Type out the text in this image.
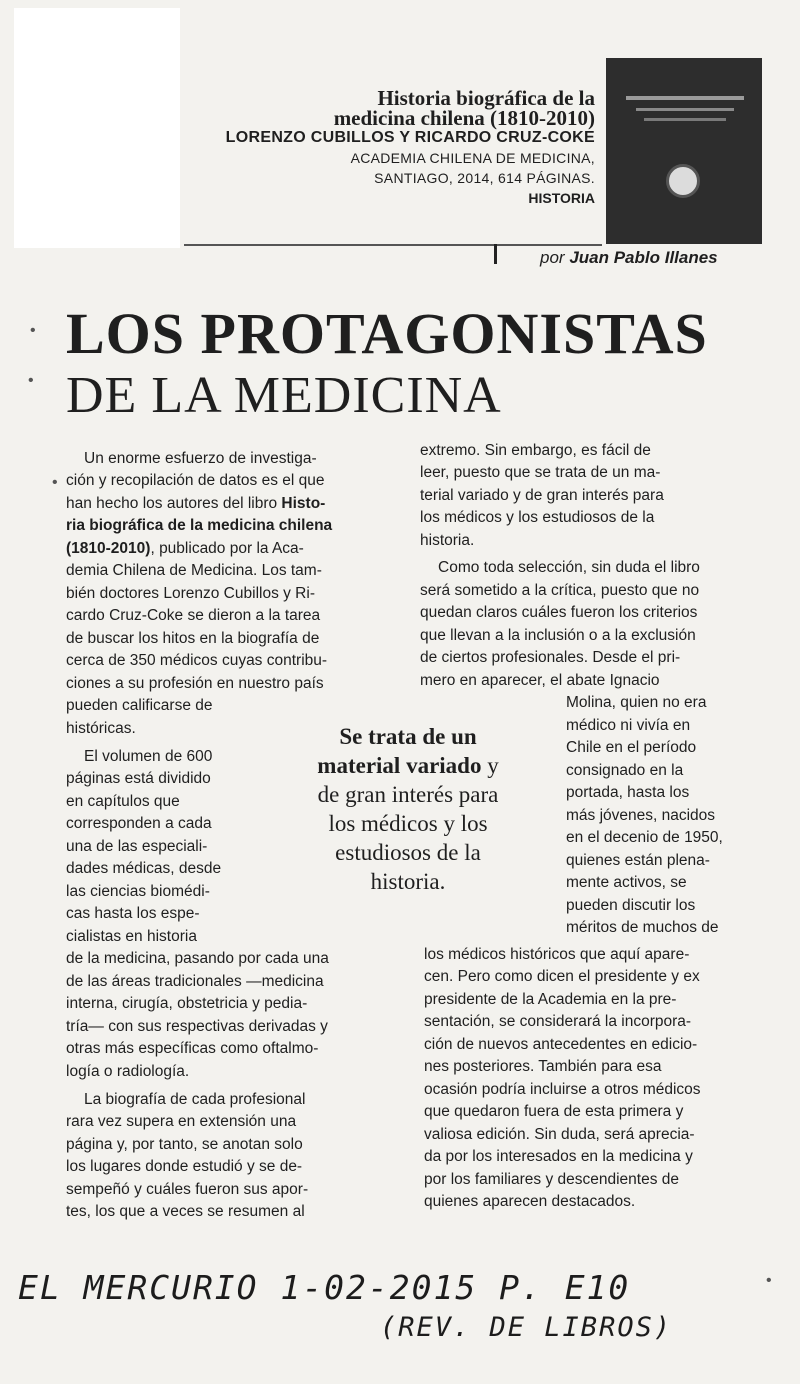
Historia biográfica de la
medicina chilena (1810-2010)
LORENZO CUBILLOS Y RICARDO CRUZ-COKE
ACADEMIA CHILENA DE MEDICINA,
SANTIAGO, 2014, 614 PÁGINAS.
HISTORIA
por Juan Pablo Illanes
LOS PROTAGONISTAS
DE LA MEDICINA

Un enorme esfuerzo de investiga-

ción y recopilación de datos es el que

han hecho los autores del libro Histo-

ria biográfica de la medicina chilena

(1810-2010), publicado por la Aca-

demia Chilena de Medicina. Los tam-

bién doctores Lorenzo Cubillos y Ri-

cardo Cruz-Coke se dieron a la tarea

de buscar los hitos en la biografía de

cerca de 350 médicos cuyas contribu-

ciones a su profesión en nuestro país

pueden calificarse de

históricas.

El volumen de 600

páginas está dividido

en capítulos que

corresponden a cada

una de las especiali-

dades médicas, desde

las ciencias biomédi-

cas hasta los espe-

cialistas en historia

de la medicina, pasando por cada una

de las áreas tradicionales —medicina

interna, cirugía, obstetricia y pedia-

tría— con sus respectivas derivadas y

otras más específicas como oftalmo-

logía o radiología.

La biografía de cada profesional

rara vez supera en extensión una

página y, por tanto, se anotan solo

los lugares donde estudió y se de-

sempeñó y cuáles fueron sus apor-

tes, los que a veces se resumen al

extremo. Sin embargo, es fácil de

leer, puesto que se trata de un ma-

terial variado y de gran interés para

los médicos y los estudiosos de la

historia.

Como toda selección, sin duda el libro

será sometido a la crítica, puesto que no

quedan claros cuáles fueron los criterios

que llevan a la inclusión o a la exclusión

de ciertos profesionales. Desde el pri-

mero en aparecer, el abate Ignacio

Molina, quien no era

médico ni vivía en

Chile en el período

consignado en la

portada, hasta los

más jóvenes, nacidos

en el decenio de 1950,

quienes están plena-

mente activos, se

pueden discutir los

méritos de muchos de

los médicos históricos que aquí apare-

cen. Pero como dicen el presidente y ex

presidente de la Academia en la pre-

sentación, se considerará la incorpora-

ción de nuevos antecedentes en edicio-

nes posteriores. También para esa

ocasión podría incluirse a otros médicos

que quedaron fuera de esta primera y

valiosa edición. Sin duda, será aprecia-

da por los interesados en la medicina y

por los familiares y descendientes de

quienes aparecen destacados.

Se trata de un
material variado y
de gran interés para
los médicos y los
estudiosos de la
historia.
EL MERCURIO 1-02-2015 P. E10
(REV. DE LIBROS)
•
•
•
•
